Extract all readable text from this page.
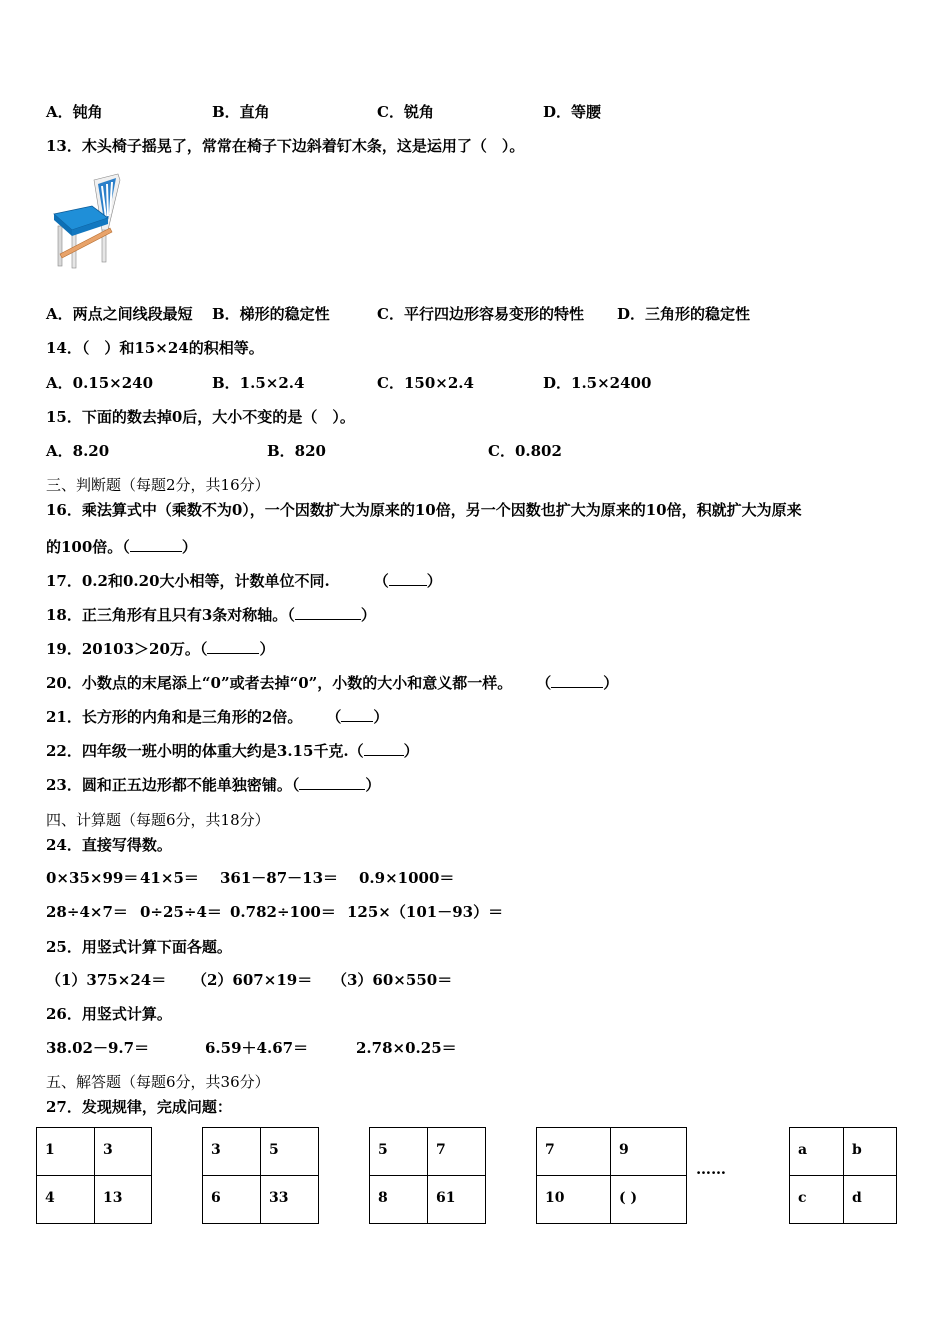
A．钝角	B．直角	C．锐角	D．等腰
13．木头椅子摇晃了，常常在椅子下边斜着钉木条，这是运用了（　）。
A．两点之间线段最短 B．梯形的稳定性	C．平行四边形容易变形的特性 D．三角形的稳定性
14．（　）和15×24的积相等。
A．0.15×240	B．1.5×2.4	C．150×2.4	D．1.5×2400
15．下面的数去掉0后，大小不变的是（　）。
A．8.20	B．820	C．0.802
三、判断题（每题2分，共16分）
16．乘法算式中（乘数不为0），一个因数扩大为原来的10倍，另一个因数也扩大为原来的10倍，积就扩大为原来
的100倍。（	）
17．0.2和0.20大小相等，计数单位不同.	（	）
18．正三角形有且只有3条对称轴。（	）
19．20103＞20万。（	）
20．小数点的末尾添上“0”或者去掉“0”，小数的大小和意义都一样。 （	）
21．长方形的内角和是三角形的2倍。 （ ）
22．四年级一班小明的体重大约是3.15千克.（	）
23．圆和正五边形都不能单独密铺。（	）
四、计算题（每题6分，共18分）
24．直接写得数。
0×35×99＝ 41×5＝ 361－87－13＝ 0.9×1000＝
28÷4×7＝ 0÷25÷4＝ 0.782÷100＝ 125×（101－93）＝
25．用竖式计算下面各题。
（1）375×24＝ （2）607×19＝ （3）60×550＝
26．用竖式计算。
38.02－9.7＝	6.59＋4.67＝	2.78×0.25＝
五、解答题（每题6分，共36分）
27．发现规律，完成问题：
1	3
4	13
3	5
6	33
5	7
8	61
7	9
10	( )
……
a	b
c	d
